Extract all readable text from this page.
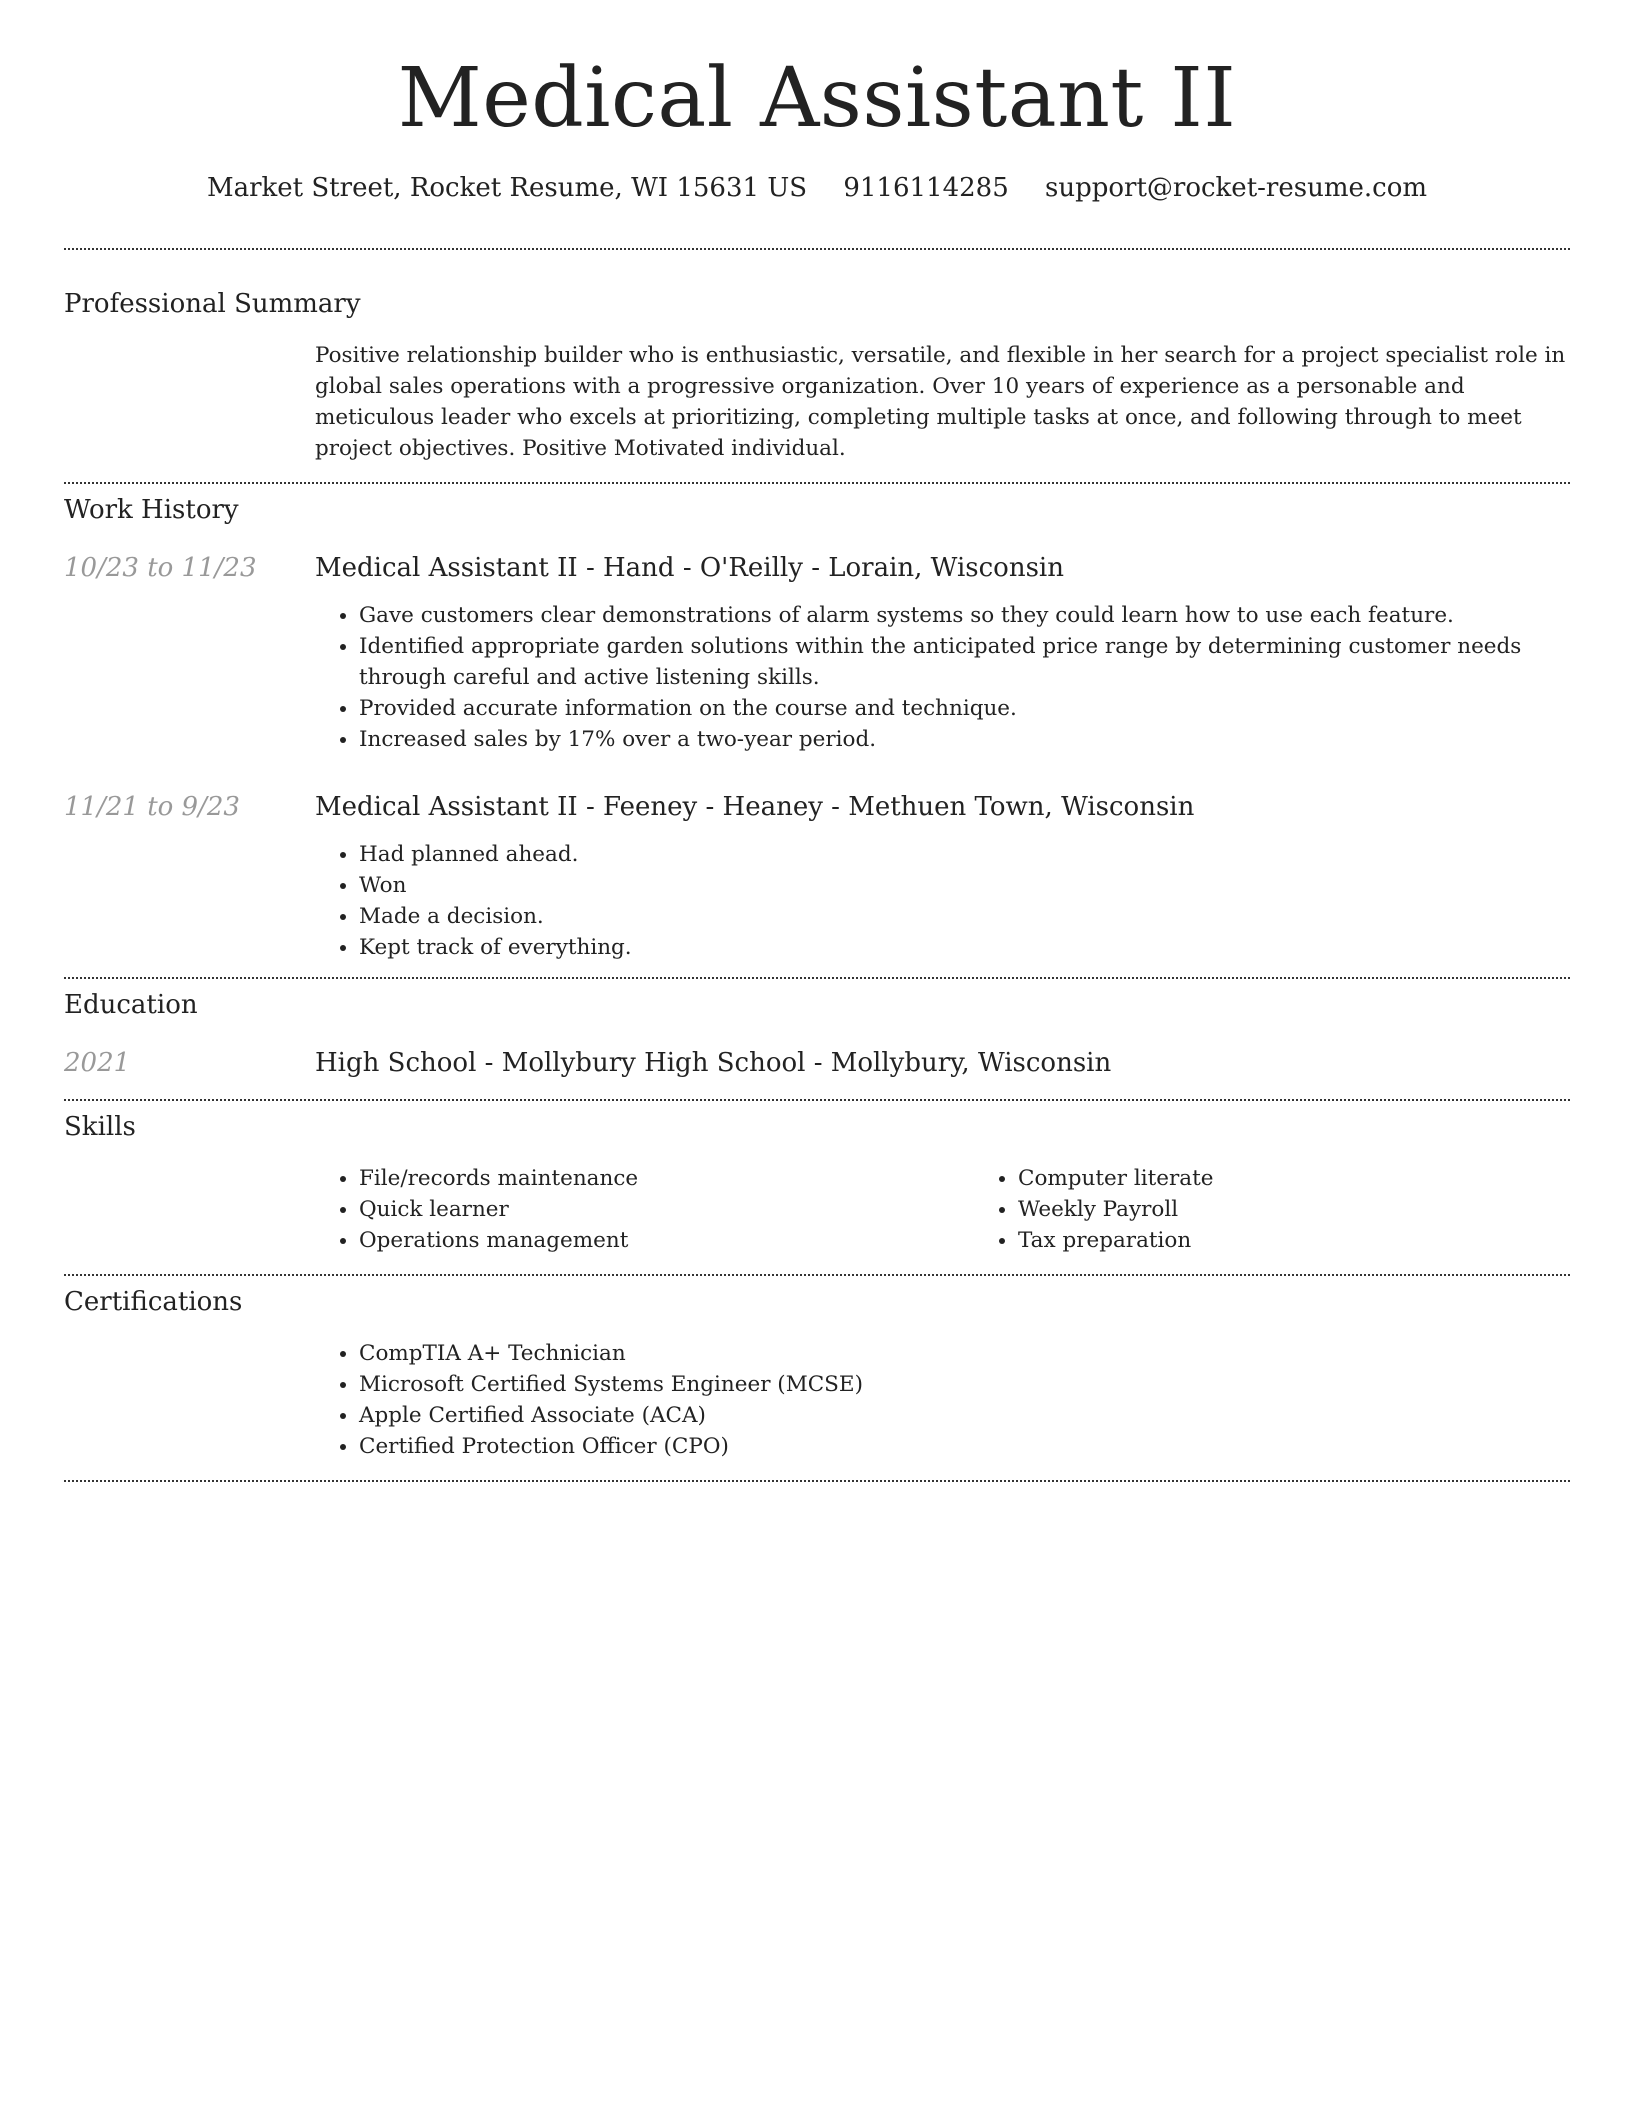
Medical Assistant II
Market Street, Rocket Resume, WI 15631 US 9116114285 support@rocket-resume.com
Professional Summary

Positive relationship builder who is enthusiastic, versatile, and flexible in her search for a project specialist role in global sales operations with a progressive organization. Over 10 years of experience as a personable and meticulous leader who excels at prioritizing, completing multiple tasks at once, and following through to meet project objectives. Positive Motivated individual.

Work History
10/23 to 11/23	Medical Assistant II - Hand - O'Reilly - Lorain, Wisconsin
• Gave customers clear demonstrations of alarm systems so they could learn how to use each feature.
• Identified appropriate garden solutions within the anticipated price range by determining customer needs through careful and active listening skills.
• Provided accurate information on the course and technique.
• Increased sales by 17% over a two-year period.
11/21 to 9/23	Medical Assistant II - Feeney - Heaney - Methuen Town, Wisconsin
• Had planned ahead.
• Won
• Made a decision.
• Kept track of everything.
Education
2021	High School - Mollybury High School - Mollybury, Wisconsin
Skills
• File/records maintenance
• Quick learner
• Operations management
• Computer literate
• Weekly Payroll
• Tax preparation
Certifications
• CompTIA A+ Technician
• Microsoft Certified Systems Engineer (MCSE)
• Apple Certified Associate (ACA)
• Certified Protection Officer (CPO)
